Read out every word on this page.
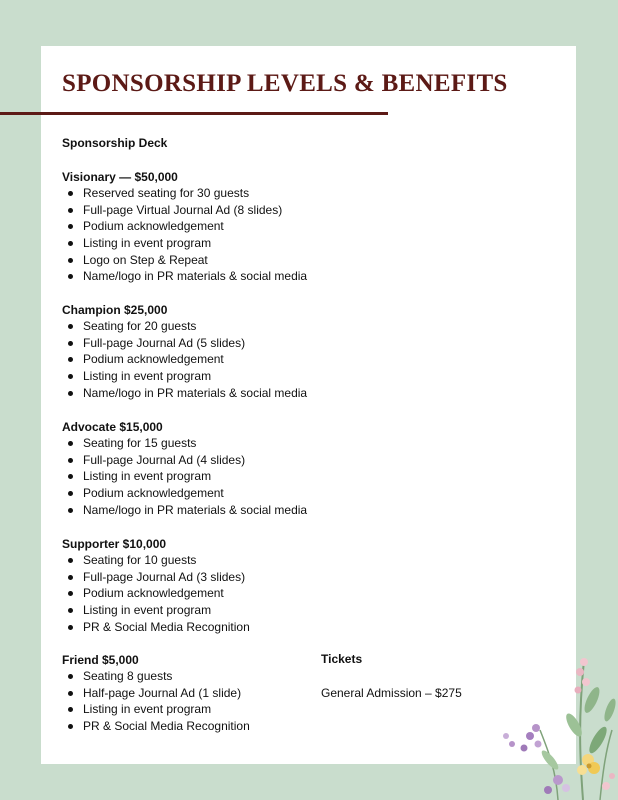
SPONSORSHIP LEVELS & BENEFITS
Sponsorship Deck
Visionary — $50,000
Reserved seating for 30 guests
Full-page Virtual Journal Ad (8 slides)
Podium acknowledgement
Listing in event program
Logo on Step & Repeat
Name/logo in PR materials & social media
Champion $25,000
Seating for 20 guests
Full-page Journal Ad (5 slides)
Podium acknowledgement
Listing in event program
Name/logo in PR materials & social media
Advocate $15,000
Seating for 15 guests
Full-page Journal Ad (4 slides)
Listing in event program
Podium acknowledgement
Name/logo in PR materials & social media
Supporter $10,000
Seating for 10 guests
Full-page Journal Ad (3 slides)
Podium acknowledgement
Listing in event program
PR & Social Media Recognition
Friend $5,000
Seating 8 guests
Half-page Journal Ad (1 slide)
Listing in event program
PR & Social Media Recognition
Tickets
General Admission – $275
